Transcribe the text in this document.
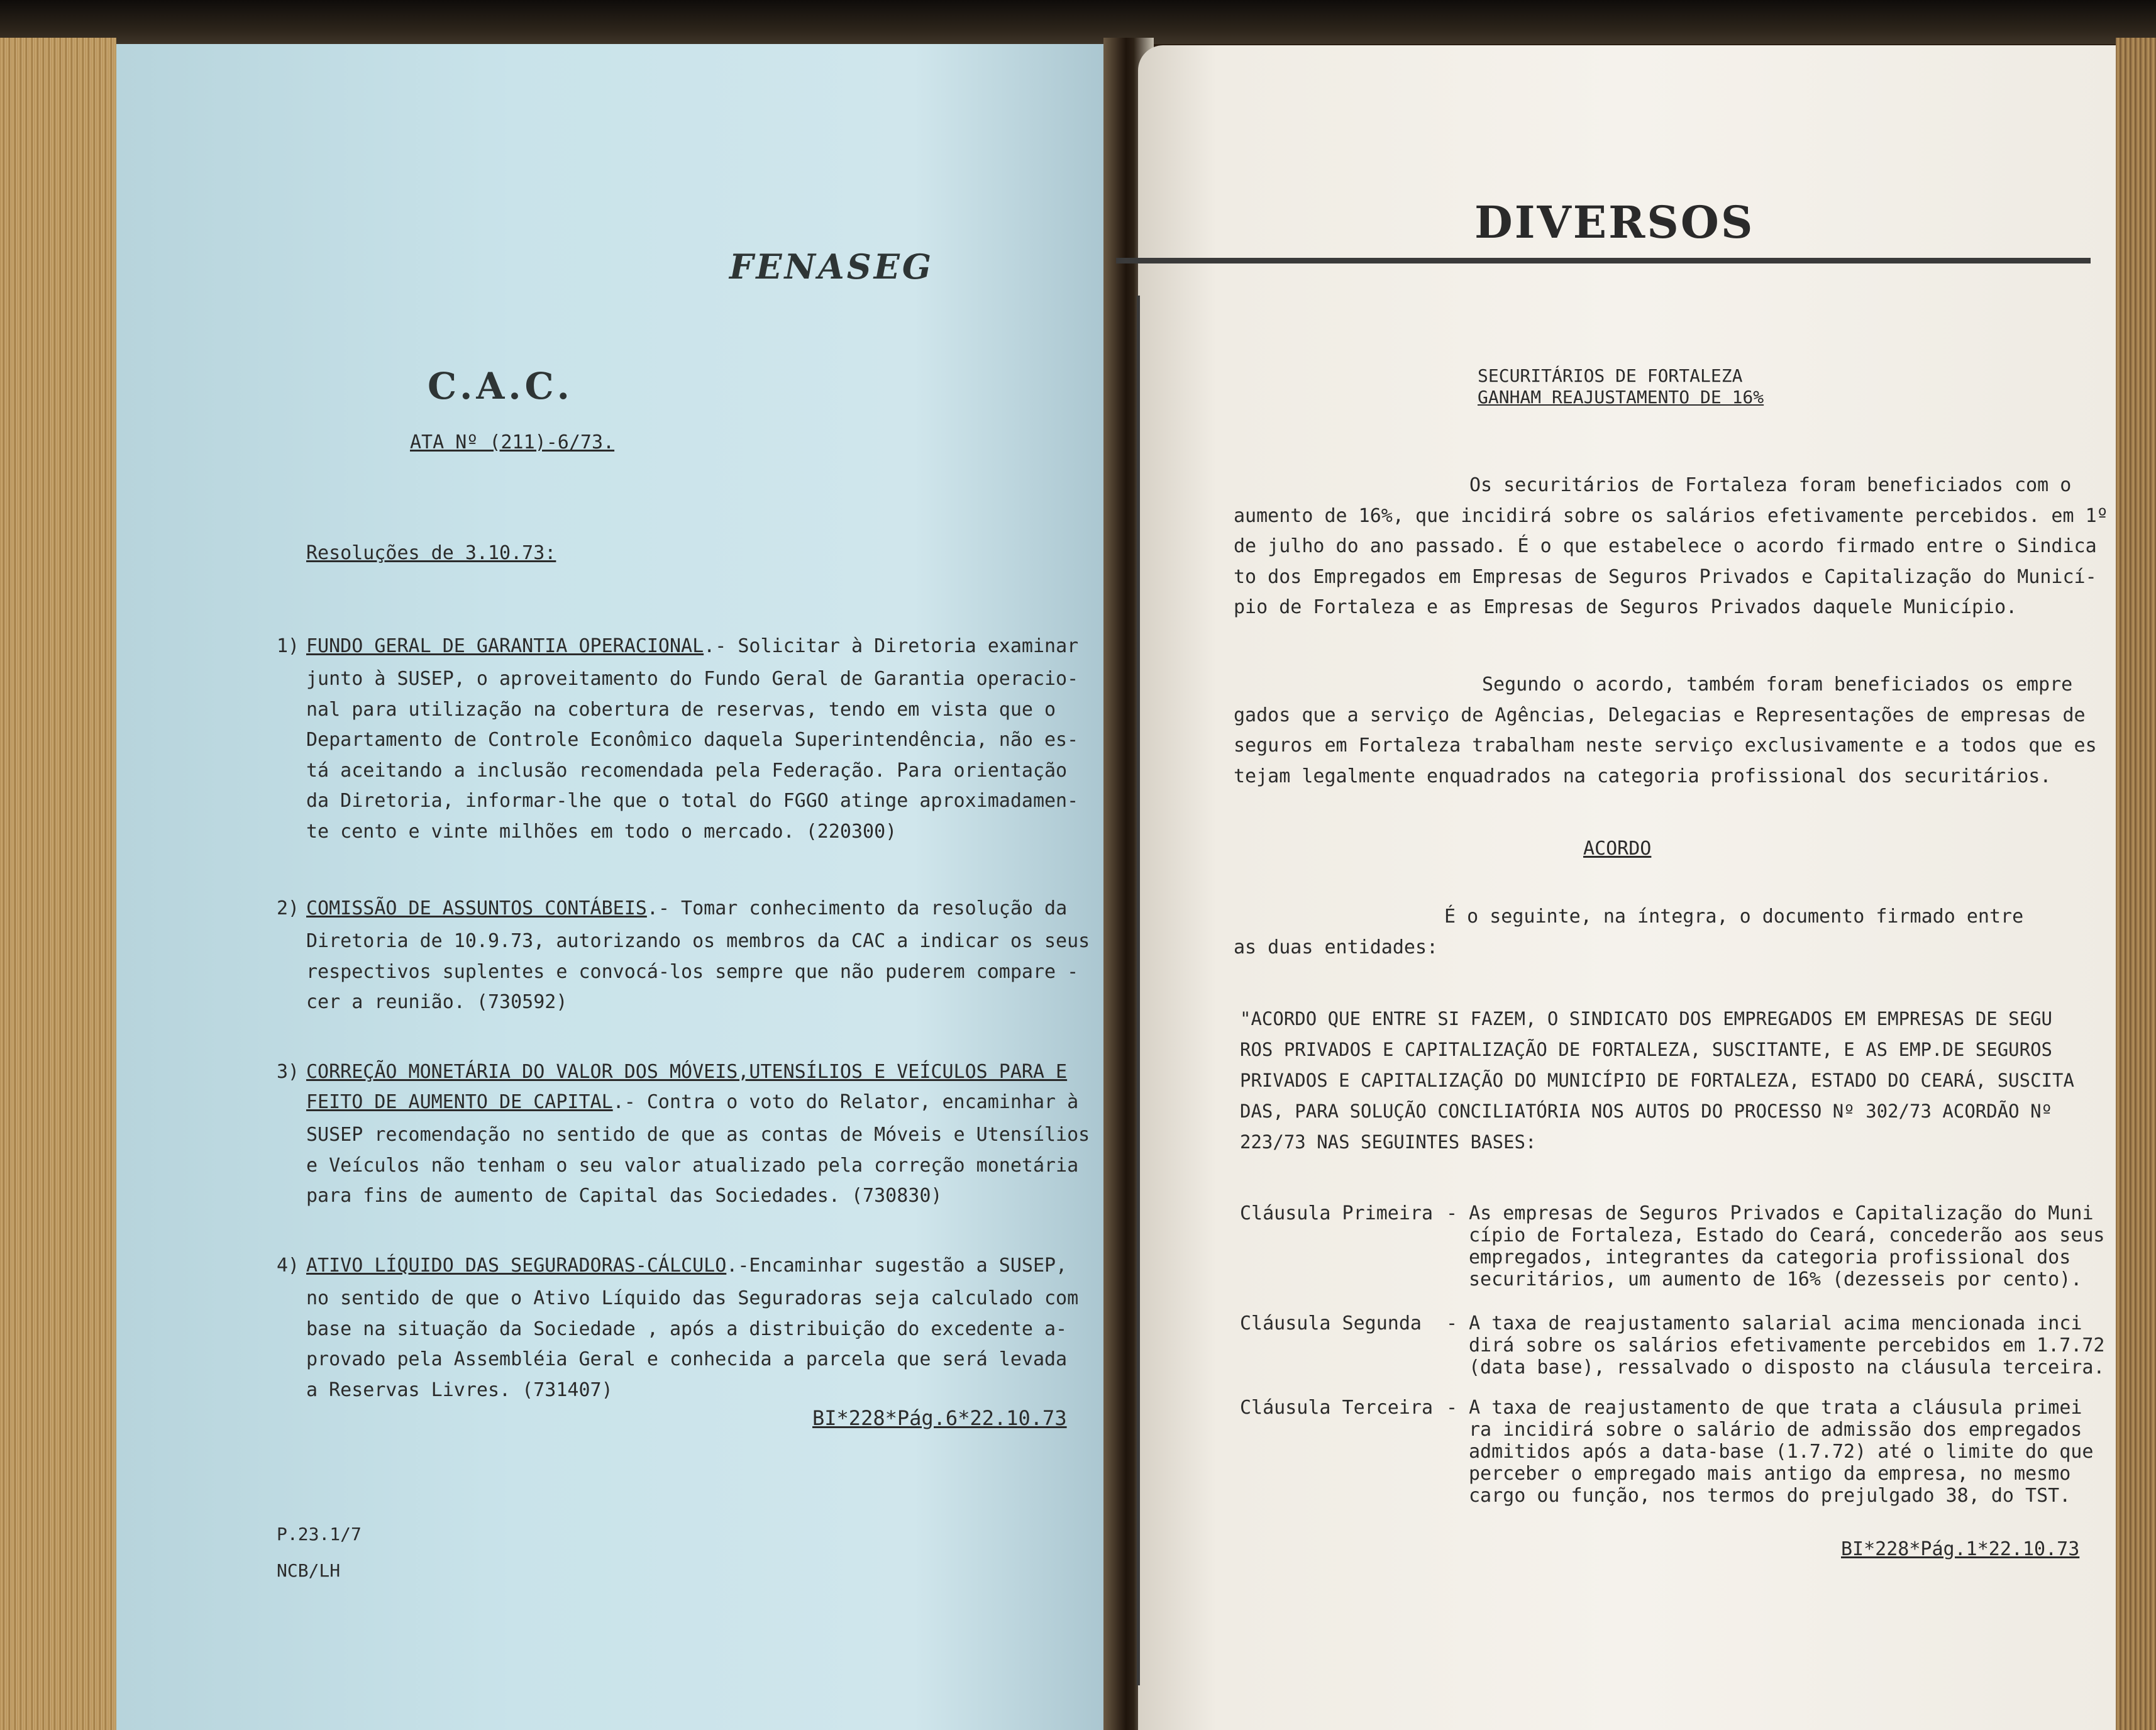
FENASEG
C.A.C.
ATA Nº (211)-6/73.
Resoluções de 3.10.73:
1) FUNDO GERAL DE GARANTIA OPERACIONAL.- Solicitar à Diretoria examinar
junto à SUSEP, o aproveitamento do Fundo Geral de Garantia operacio-
nal para utilização na cobertura de reservas, tendo em vista que o
Departamento de Controle Econômico daquela Superintendência, não es-
tá aceitando a inclusão recomendada pela Federação. Para orientação
da Diretoria, informar-lhe que o total do FGGO atinge aproximadamen-
te cento e vinte milhões em todo o mercado. (220300)
2) COMISSÃO DE ASSUNTOS CONTÁBEIS.- Tomar conhecimento da resolução da
Diretoria de 10.9.73, autorizando os membros da CAC a indicar os seus
respectivos suplentes e convocá-los sempre que não puderem compare -
cer a reunião. (730592)
3) CORREÇÃO MONETÁRIA DO VALOR DOS MÓVEIS,UTENSÍLIOS E VEÍCULOS PARA E
FEITO DE AUMENTO DE CAPITAL.- Contra o voto do Relator, encaminhar à
SUSEP recomendação no sentido de que as contas de Móveis e Utensílios
e Veículos não tenham o seu valor atualizado pela correção monetária
para fins de aumento de Capital das Sociedades. (730830)
4) ATIVO LÍQUIDO DAS SEGURADORAS-CÁLCULO.-Encaminhar sugestão a SUSEP,
no sentido de que o Ativo Líquido das Seguradoras seja calculado com
base na situação da Sociedade , após a distribuição do excedente a-
provado pela Assembléia Geral e conhecida a parcela que será levada
a Reservas Livres. (731407)
BI*228*Pág.6*22.10.73
P.23.1/7
NCB/LH
DIVERSOS
SECURITÁRIOS DE FORTALEZA
GANHAM REAJUSTAMENTO DE 16%
Os securitários de Fortaleza foram beneficiados com o
aumento de 16%, que incidirá sobre os salários efetivamente percebidos. em 1º
de julho do ano passado. É o que estabelece o acordo firmado entre o Sindica
to dos Empregados em Empresas de Seguros Privados e Capitalização do Municí-
pio de Fortaleza e as Empresas de Seguros Privados daquele Município.
Segundo o acordo, também foram beneficiados os empre
gados que a serviço de Agências, Delegacias e Representações de empresas de
seguros em Fortaleza trabalham neste serviço exclusivamente e a todos que es
tejam legalmente enquadrados na categoria profissional dos securitários.
ACORDO
É o seguinte, na íntegra, o documento firmado entre
as duas entidades:
"ACORDO QUE ENTRE SI FAZEM, O SINDICATO DOS EMPREGADOS EM EMPRESAS DE SEGU
ROS PRIVADOS E CAPITALIZAÇÃO DE FORTALEZA, SUSCITANTE, E AS EMP.DE SEGUROS
PRIVADOS E CAPITALIZAÇÃO DO MUNICÍPIO DE FORTALEZA, ESTADO DO CEARÁ, SUSCITA
DAS, PARA SOLUÇÃO CONCILIATÓRIA NOS AUTOS DO PROCESSO Nº 302/73 ACORDÃO Nº
223/73 NAS SEGUINTES BASES:
Cláusula Primeira - As empresas de Seguros Privados e Capitalização do Muni
cípio de Fortaleza, Estado do Ceará, concederão aos seus
empregados, integrantes da categoria profissional dos
securitários, um aumento de 16% (dezesseis por cento).
Cláusula Segunda - A taxa de reajustamento salarial acima mencionada inci
dirá sobre os salários efetivamente percebidos em 1.7.72
(data base), ressalvado o disposto na cláusula terceira.
Cláusula Terceira - A taxa de reajustamento de que trata a cláusula primei
ra incidirá sobre o salário de admissão dos empregados
admitidos após a data-base (1.7.72) até o limite do que
perceber o empregado mais antigo da empresa, no mesmo
cargo ou função, nos termos do prejulgado 38, do TST.
BI*228*Pág.1*22.10.73
